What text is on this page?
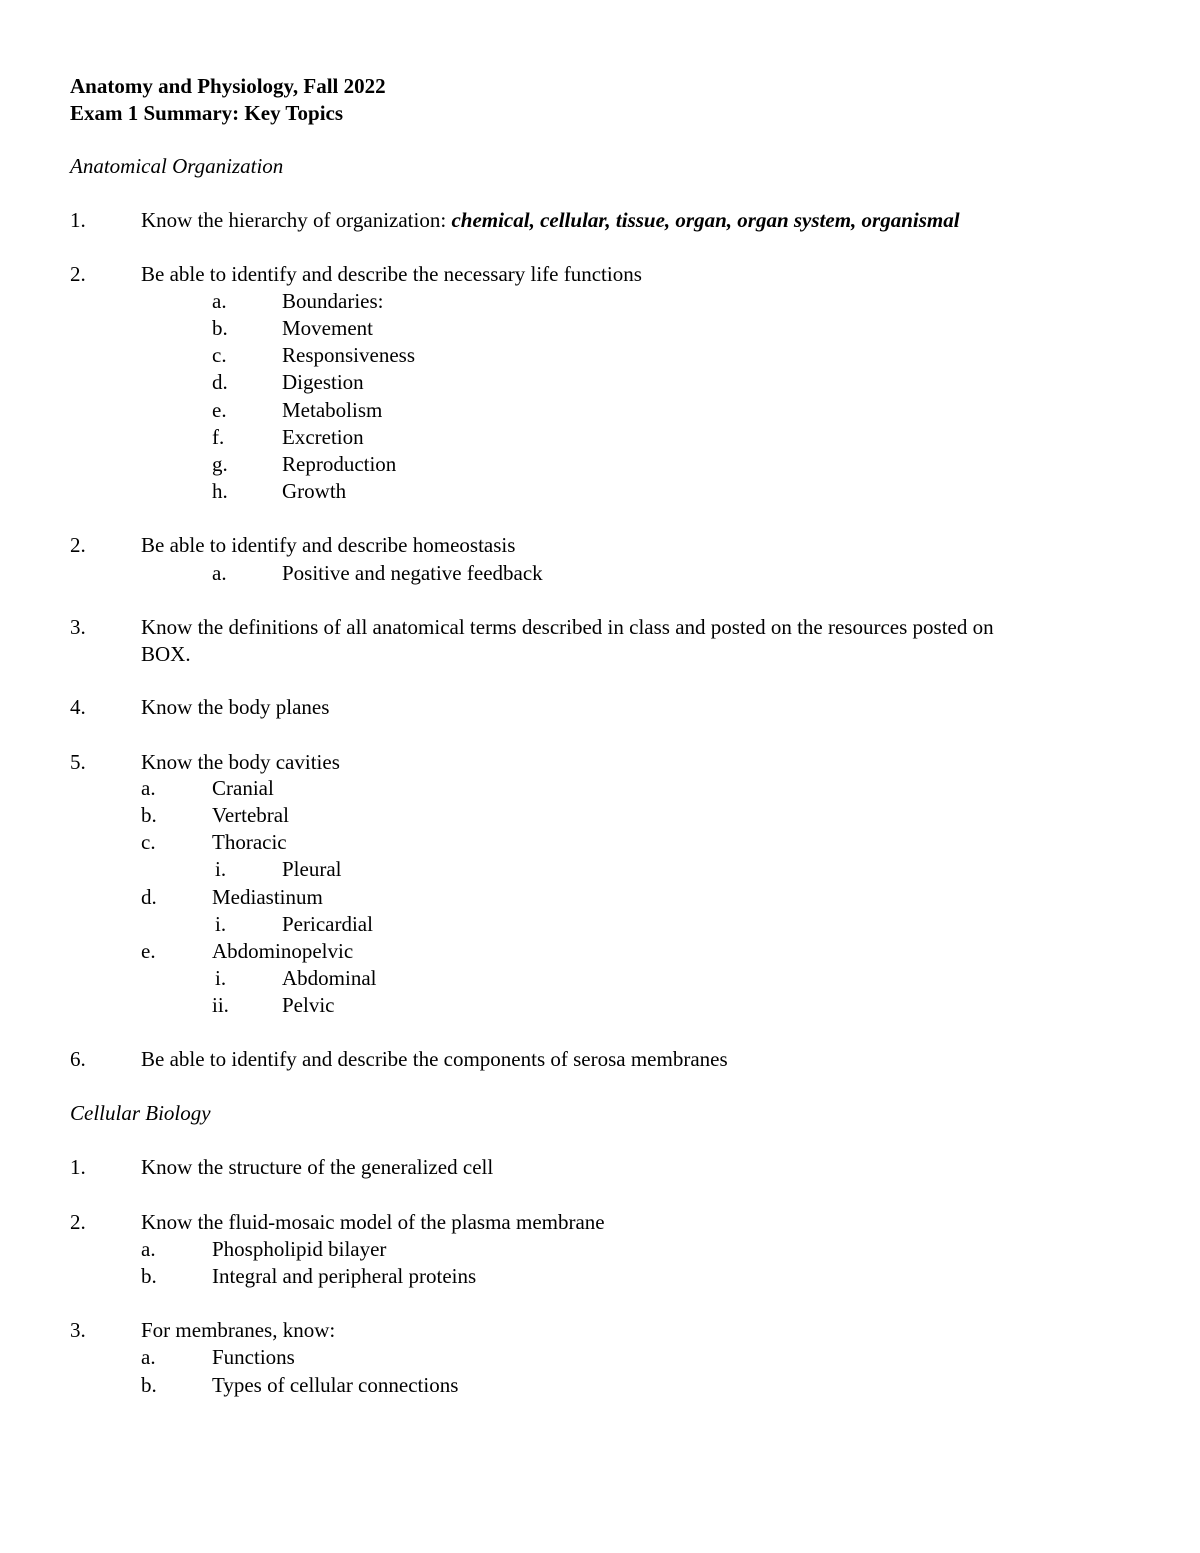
Anatomy and Physiology, Fall 2022
Exam 1 Summary: Key Topics
Anatomical Organization
1.	Know the hierarchy of organization: chemical, cellular, tissue, organ, organ system, organismal
2.	Be able to identify and describe the necessary life functions
a.	Boundaries:
b.	Movement
c.	Responsiveness
d.	Digestion
e.	Metabolism
f.	Excretion
g.	Reproduction
h.	Growth
2.	Be able to identify and describe homeostasis
a.	Positive and negative feedback
3.	Know the definitions of all anatomical terms described in class and posted on the resources posted on
BOX.
4.	Know the body planes
5.	Know the body cavities
a.	Cranial
b.	Vertebral
c.	Thoracic
i.	Pleural
d.	Mediastinum
i.	Pericardial
e.	Abdominopelvic
i.	Abdominal
ii.	Pelvic
6.	Be able to identify and describe the components of serosa membranes
Cellular Biology
1.	Know the structure of the generalized cell
2.	Know the fluid-mosaic model of the plasma membrane
a.	Phospholipid bilayer
b.	Integral and peripheral proteins
3.	For membranes, know:
a.	Functions
b.	Types of cellular connections
